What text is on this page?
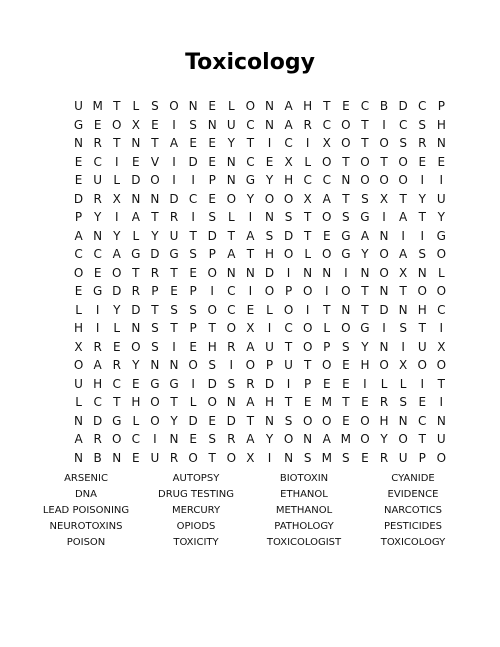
Toxicology
U M T	L S O N E L O N A H T E C B D C P
G E O X E	I	S N U C N A R C O T	I	C S H
N R T N T A E E Y T	I	C	I	X O T O S R N
E C	I	E V	I	D E N C E X L O T O T O E E
E U L D O	I	I	P N G Y H C C N O O O	I	I
D R X N N D C E O Y O O X A T S X T Y U
P Y	I	A T R	I	S L	I	N S T O S G	I	A T Y
A N Y	L	Y U T D T A S D T E G A N	I	I	G
C C A G D G S P A T H O L O G Y O A S O
O E O T R T E O N N D	I	N N	I	N O X N L
E G D R P E P	I	C	I	O P O	I	O T N T O O
L	I	Y D T S S O C E L O	I	T N T D N H C
H	I	L N S T P T O X	I	C O L O G	I	S T	I
X R E O S	I	E H R A U T O P S Y N	I	U X
O A R Y N N O S	I	O P U T O E H O X O O
U H C E G G	I	D S R D	I	P E E	I	L	L	I	T
L C T H O T	L O N A H T E M T E R S E	I
N D G L O Y D E D T N S O O E O H N C N
A R O C	I	N E S R A Y O N A M O Y O T U
N B N E U R O T O X	I	N S M S E R U P O
ARSENIC	AUTOPSY	BIOTOXIN	CYANIDE
DNA	DRUG TESTING	ETHANOL	EVIDENCE
LEAD POISONING	MERCURY	METHANOL	NARCOTICS
NEUROTOXINS	OPIODS	PATHOLOGY	PESTICIDES
POISON	TOXICITY	TOXICOLOGIST	TOXICOLOGY
